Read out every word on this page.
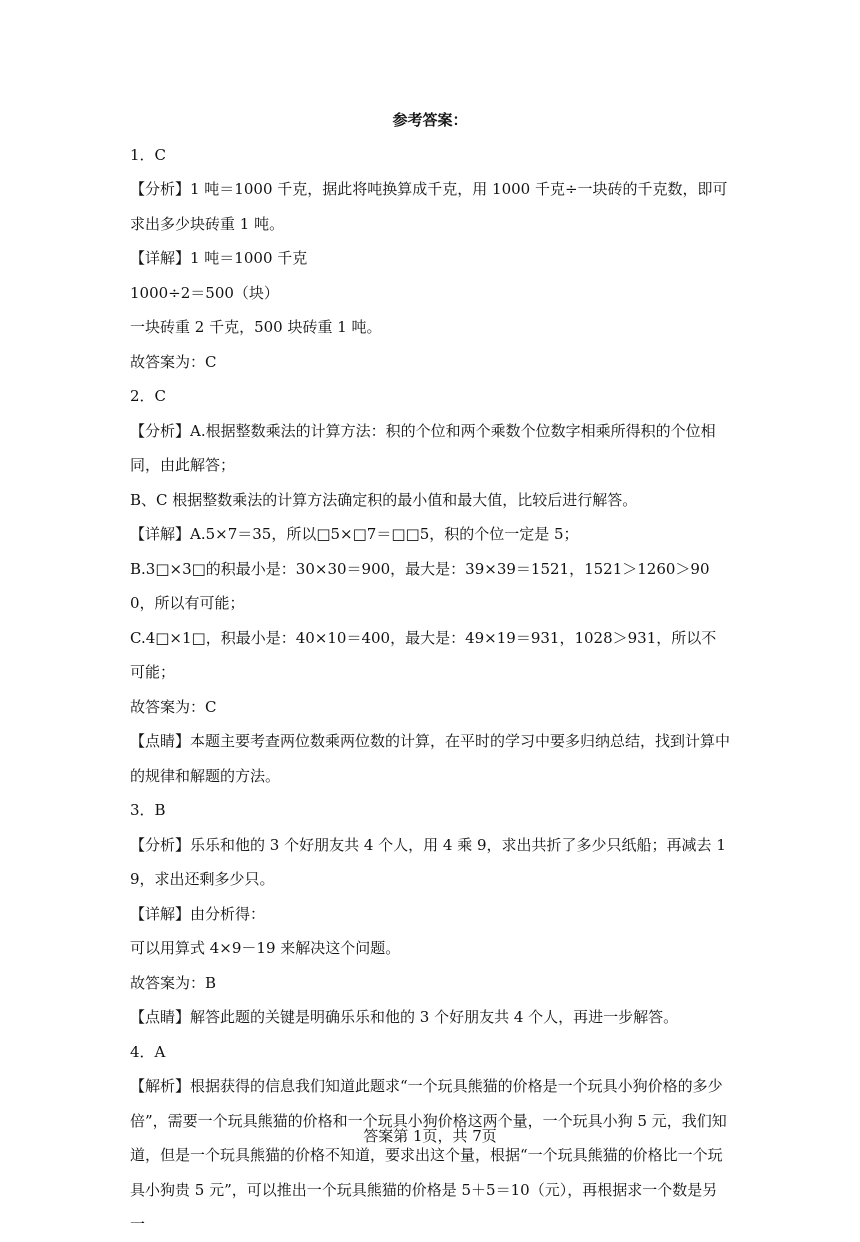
参考答案：

1．C

【分析】1 吨＝1000 千克，据此将吨换算成千克，用 1000 千克÷一块砖的千克数，即可求出多少块砖重 1 吨。

【详解】1 吨＝1000 千克

1000÷2＝500（块）

一块砖重 2 千克，500 块砖重 1 吨。

故答案为：C

2．C

【分析】A.根据整数乘法的计算方法：积的个位和两个乘数个位数字相乘所得积的个位相同，由此解答；

B、C 根据整数乘法的计算方法确定积的最小值和最大值，比较后进行解答。

【详解】A.5×7＝35，所以□5×□7＝□□5，积的个位一定是 5；

B.3□×3□的积最小是：30×30＝900，最大是：39×39＝1521，1521＞1260＞900，所以有可能；

C.4□×1□，积最小是：40×10＝400，最大是：49×19＝931，1028＞931，所以不可能；

故答案为：C

【点睛】本题主要考查两位数乘两位数的计算，在平时的学习中要多归纳总结，找到计算中的规律和解题的方法。

3．B

【分析】乐乐和他的 3 个好朋友共 4 个人，用 4 乘 9，求出共折了多少只纸船；再减去 19，求出还剩多少只。

【详解】由分析得：

可以用算式 4×9－19 来解决这个问题。

故答案为：B

【点睛】解答此题的关键是明确乐乐和他的 3 个好朋友共 4 个人，再进一步解答。

4．A

【解析】根据获得的信息我们知道此题求“一个玩具熊猫的价格是一个玩具小狗价格的多少倍”，需要一个玩具熊猫的价格和一个玩具小狗价格这两个量，一个玩具小狗 5 元，我们知道，但是一个玩具熊猫的价格不知道，要求出这个量，根据“一个玩具熊猫的价格比一个玩具小狗贵 5 元”，可以推出一个玩具熊猫的价格是 5＋5＝10（元），再根据求一个数是另一

答案第 1页，共 7页
